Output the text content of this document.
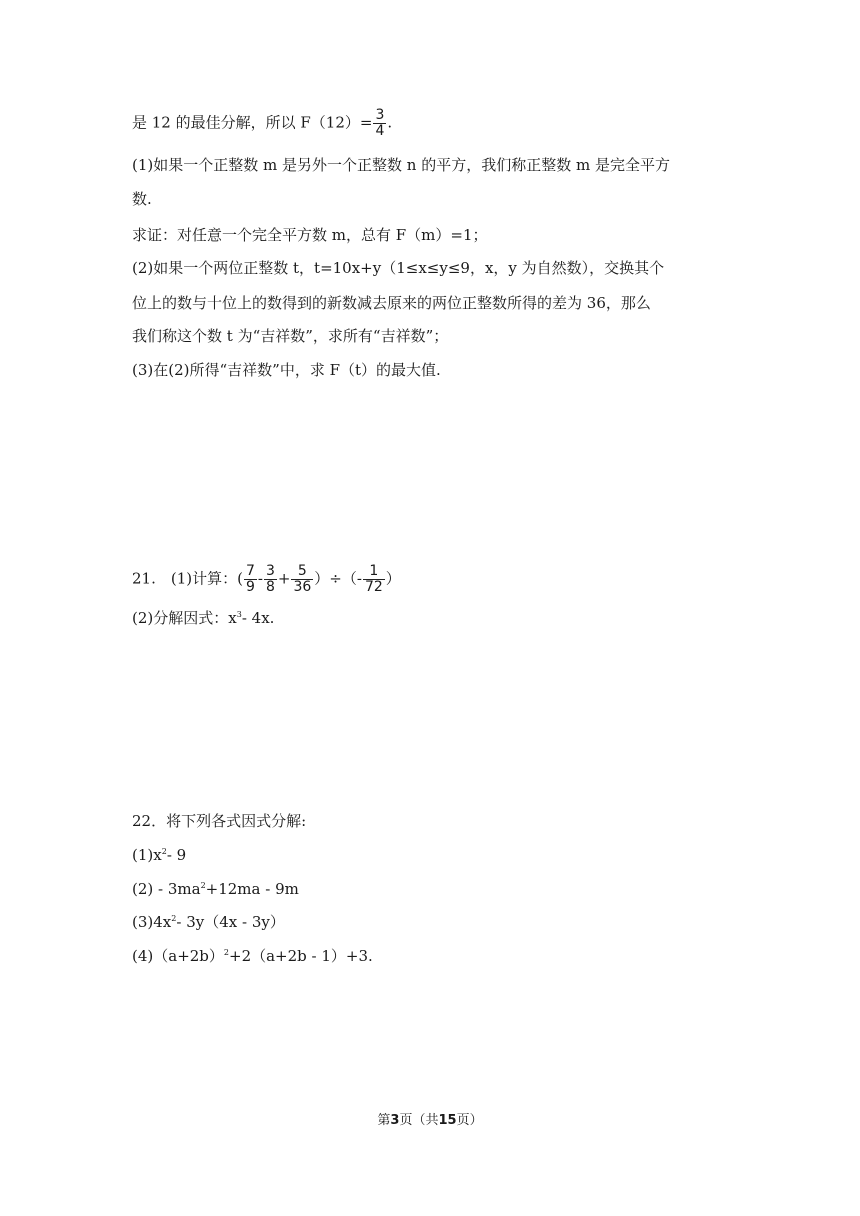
是 12 的最佳分解，所以 $F(12)= \frac{3}{4}$ .
(1)如果一个正整数 m 是另外一个正整数 n 的平方，我们称正整数 m 是完全平方
数.
求证：对任意一个完全平方数 m，总有 F（m）=1；
(2)如果一个两位正整数 t，t=10x+y（1≤x≤y≤9，x，y 为自然数），交换其个
位上的数与十位上的数得到的新数减去原来的两位正整数所得的差为 36，那么
我们称这个数 t 为“吉祥数”，求所有“吉祥数”；
(3)在(2)所得“吉祥数”中，求 F（t）的最大值.
21.　(1)计算：( $\frac{7}{9} - \frac{3}{8} + \frac{5}{36}$ ）÷（- $\frac{1}{72}$ ）
(2)分解因式：$x^3-$ 4x.
22．将下列各式因式分解:
$(1)x^2-$ 9
$(2) - 3ma^2+12ma - 9m$
$(3)4x^2-$ 3y（4x - 3y）
$(4)(a+2b)^2+2(a+2b - 1)+3$.
第3页（共15页）
